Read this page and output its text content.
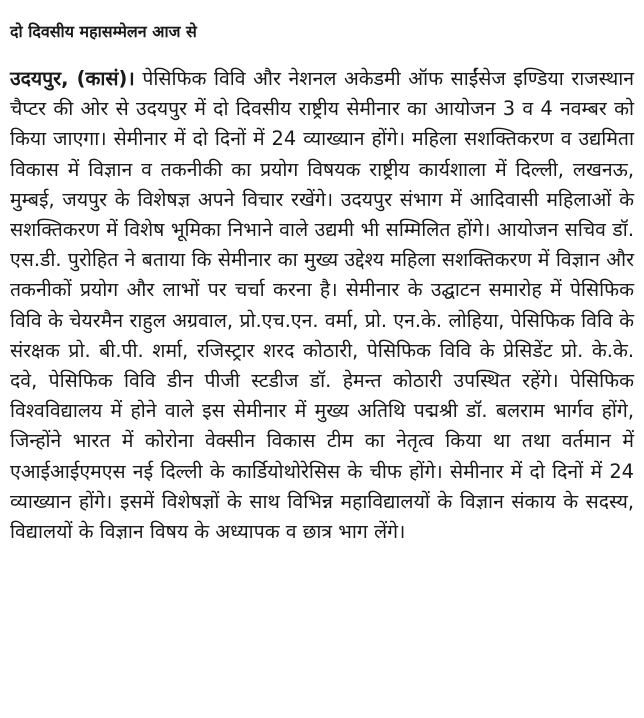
दो दिवसीय महासम्मेलन आज से

उदयपुर, (कासं)। पेसिफिक विवि और नेशनल अकेडमी ऑफ साईंसेज इण्डिया राजस्थान चैप्टर की ओर से उदयपुर में दो दिवसीय राष्ट्रीय सेमीनार का आयोजन 3 व 4 नवम्बर को किया जाएगा। सेमीनार में दो दिनों में 24 व्याख्यान होंगे। महिला सशक्तिकरण व उद्यमिता विकास में विज्ञान व तकनीकी का प्रयोग विषयक राष्ट्रीय कार्यशाला में दिल्ली, लखनऊ, मुम्बई, जयपुर के विशेषज्ञ अपने विचार रखेंगे। उदयपुर संभाग में आदिवासी महिलाओं के सशक्तिकरण में विशेष भूमिका निभाने वाले उद्यमी भी सम्मिलित होंगे। आयोजन सचिव डॉ. एस.डी. पुरोहित ने बताया कि सेमीनार का मुख्य उद्देश्य महिला सशक्तिकरण में विज्ञान और तकनीकों प्रयोग और लाभों पर चर्चा करना है। सेमीनार के उद्घाटन समारोह में पेसिफिक विवि के चेयरमैन राहुल अग्रवाल, प्रो.एच.एन. वर्मा, प्रो. एन.के. लोहिया, पेसिफिक विवि के संरक्षक प्रो. बी.पी. शर्मा, रजिस्ट्रार शरद कोठारी, पेसिफिक विवि के प्रेसिडेंट प्रो. के.के. दवे, पेसिफिक विवि डीन पीजी स्टडीज डॉ. हेमन्त कोठारी उपस्थित रहेंगे। पेसिफिक विश्वविद्यालय में होने वाले इस सेमीनार में मुख्य अतिथि पद्मश्री डॉ. बलराम भार्गव होंगे, जिन्होंने भारत में कोरोना वेक्सीन विकास टीम का नेतृत्व किया था तथा वर्तमान में एआईआईएमएस नई दिल्ली के कार्डियोथोरेसिस के चीफ होंगे। सेमीनार में दो दिनों में 24 व्याख्यान होंगे। इसमें विशेषज्ञों के साथ विभिन्न महाविद्यालयों के विज्ञान संकाय के सदस्य, विद्यालयों के विज्ञान विषय के अध्यापक व छात्र भाग लेंगे।
